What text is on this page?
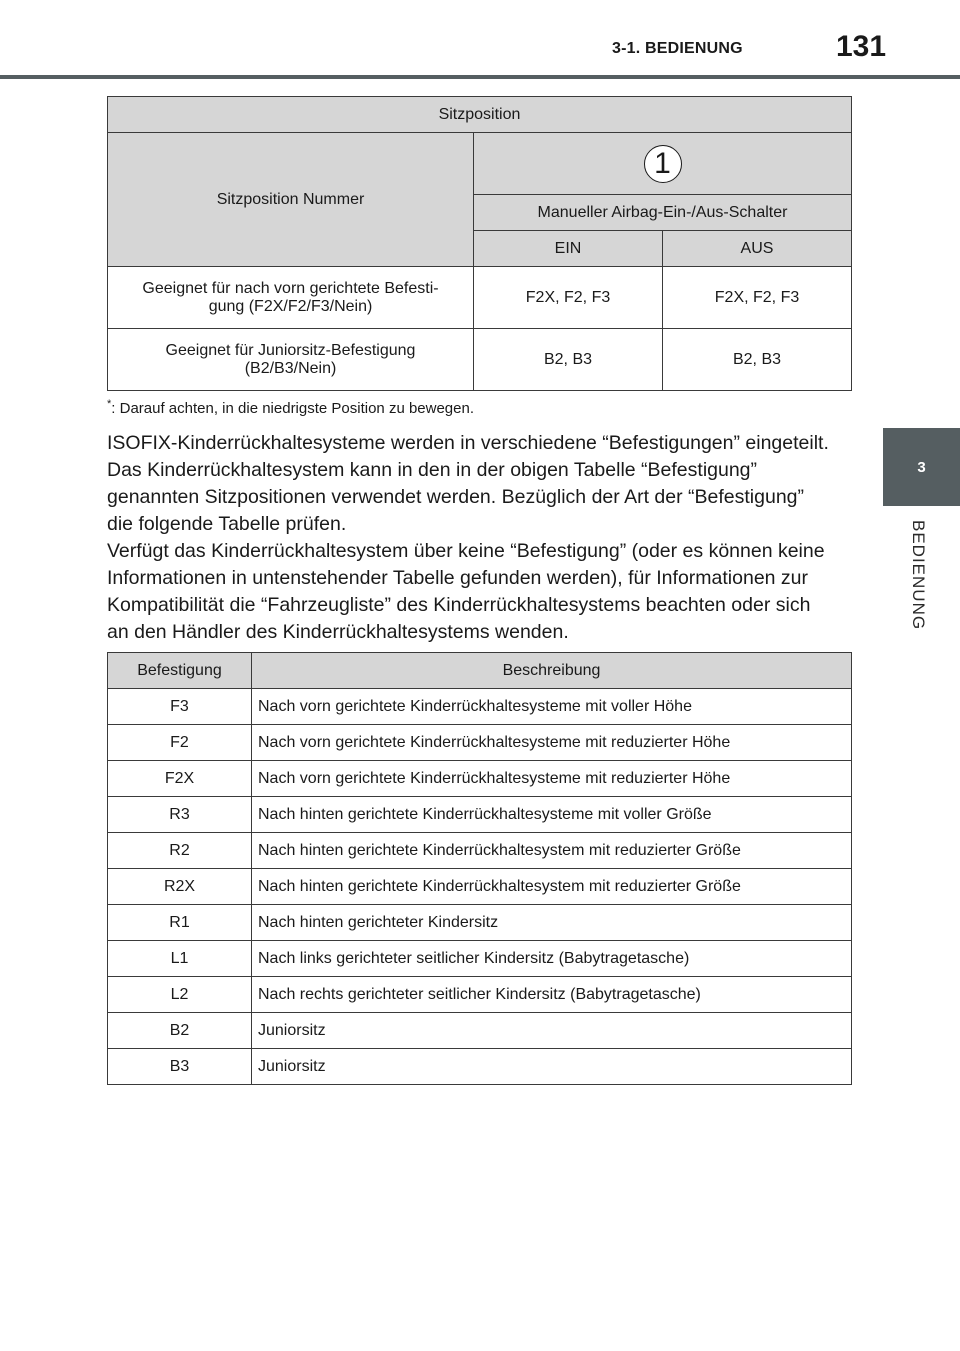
3-1. BEDIENUNG	131
3
BEDIENUNG
Sitzposition		
Sitzposition Nummer	1	
	Manueller Airbag-Ein-/Aus-Schalter	
	EIN	AUS

Geeignet für nach vorn gerichtete Befesti-
gung (F2X/F2/F3/Nein)	F2X, F2, F3	F2X, F2, F3

Geeignet für Juniorsitz-Befestigung
(B2/B3/Nein)	B2, B3	B2, B3
*: Darauf achten, in die niedrigste Position zu bewegen.

ISOFIX-Kinderrückhaltesysteme werden in verschiedene “Befestigungen” eingeteilt.

Das Kinderrückhaltesystem kann in den in der obigen Tabelle “Befestigung”

genannten Sitzpositionen verwendet werden. Bezüglich der Art der “Befestigung”

die folgende Tabelle prüfen.

Verfügt das Kinderrückhaltesystem über keine “Befestigung” (oder es können keine

Informationen in untenstehender Tabelle gefunden werden), für Informationen zur

Kompatibilität die “Fahrzeugliste” des Kinderrückhaltesystems beachten oder sich

an den Händler des Kinderrückhaltesystems wenden.

Befestigung	Beschreibung
F3	Nach vorn gerichtete Kinderrückhaltesysteme mit voller Höhe
F2	Nach vorn gerichtete Kinderrückhaltesysteme mit reduzierter Höhe
F2X	Nach vorn gerichtete Kinderrückhaltesysteme mit reduzierter Höhe
R3	Nach hinten gerichtete Kinderrückhaltesysteme mit voller Größe
R2	Nach hinten gerichtete Kinderrückhaltesystem mit reduzierter Größe
R2X	Nach hinten gerichtete Kinderrückhaltesystem mit reduzierter Größe
R1	Nach hinten gerichteter Kindersitz
L1	Nach links gerichteter seitlicher Kindersitz (Babytragetasche)
L2	Nach rechts gerichteter seitlicher Kindersitz (Babytragetasche)
B2	Juniorsitz
B3	Juniorsitz
